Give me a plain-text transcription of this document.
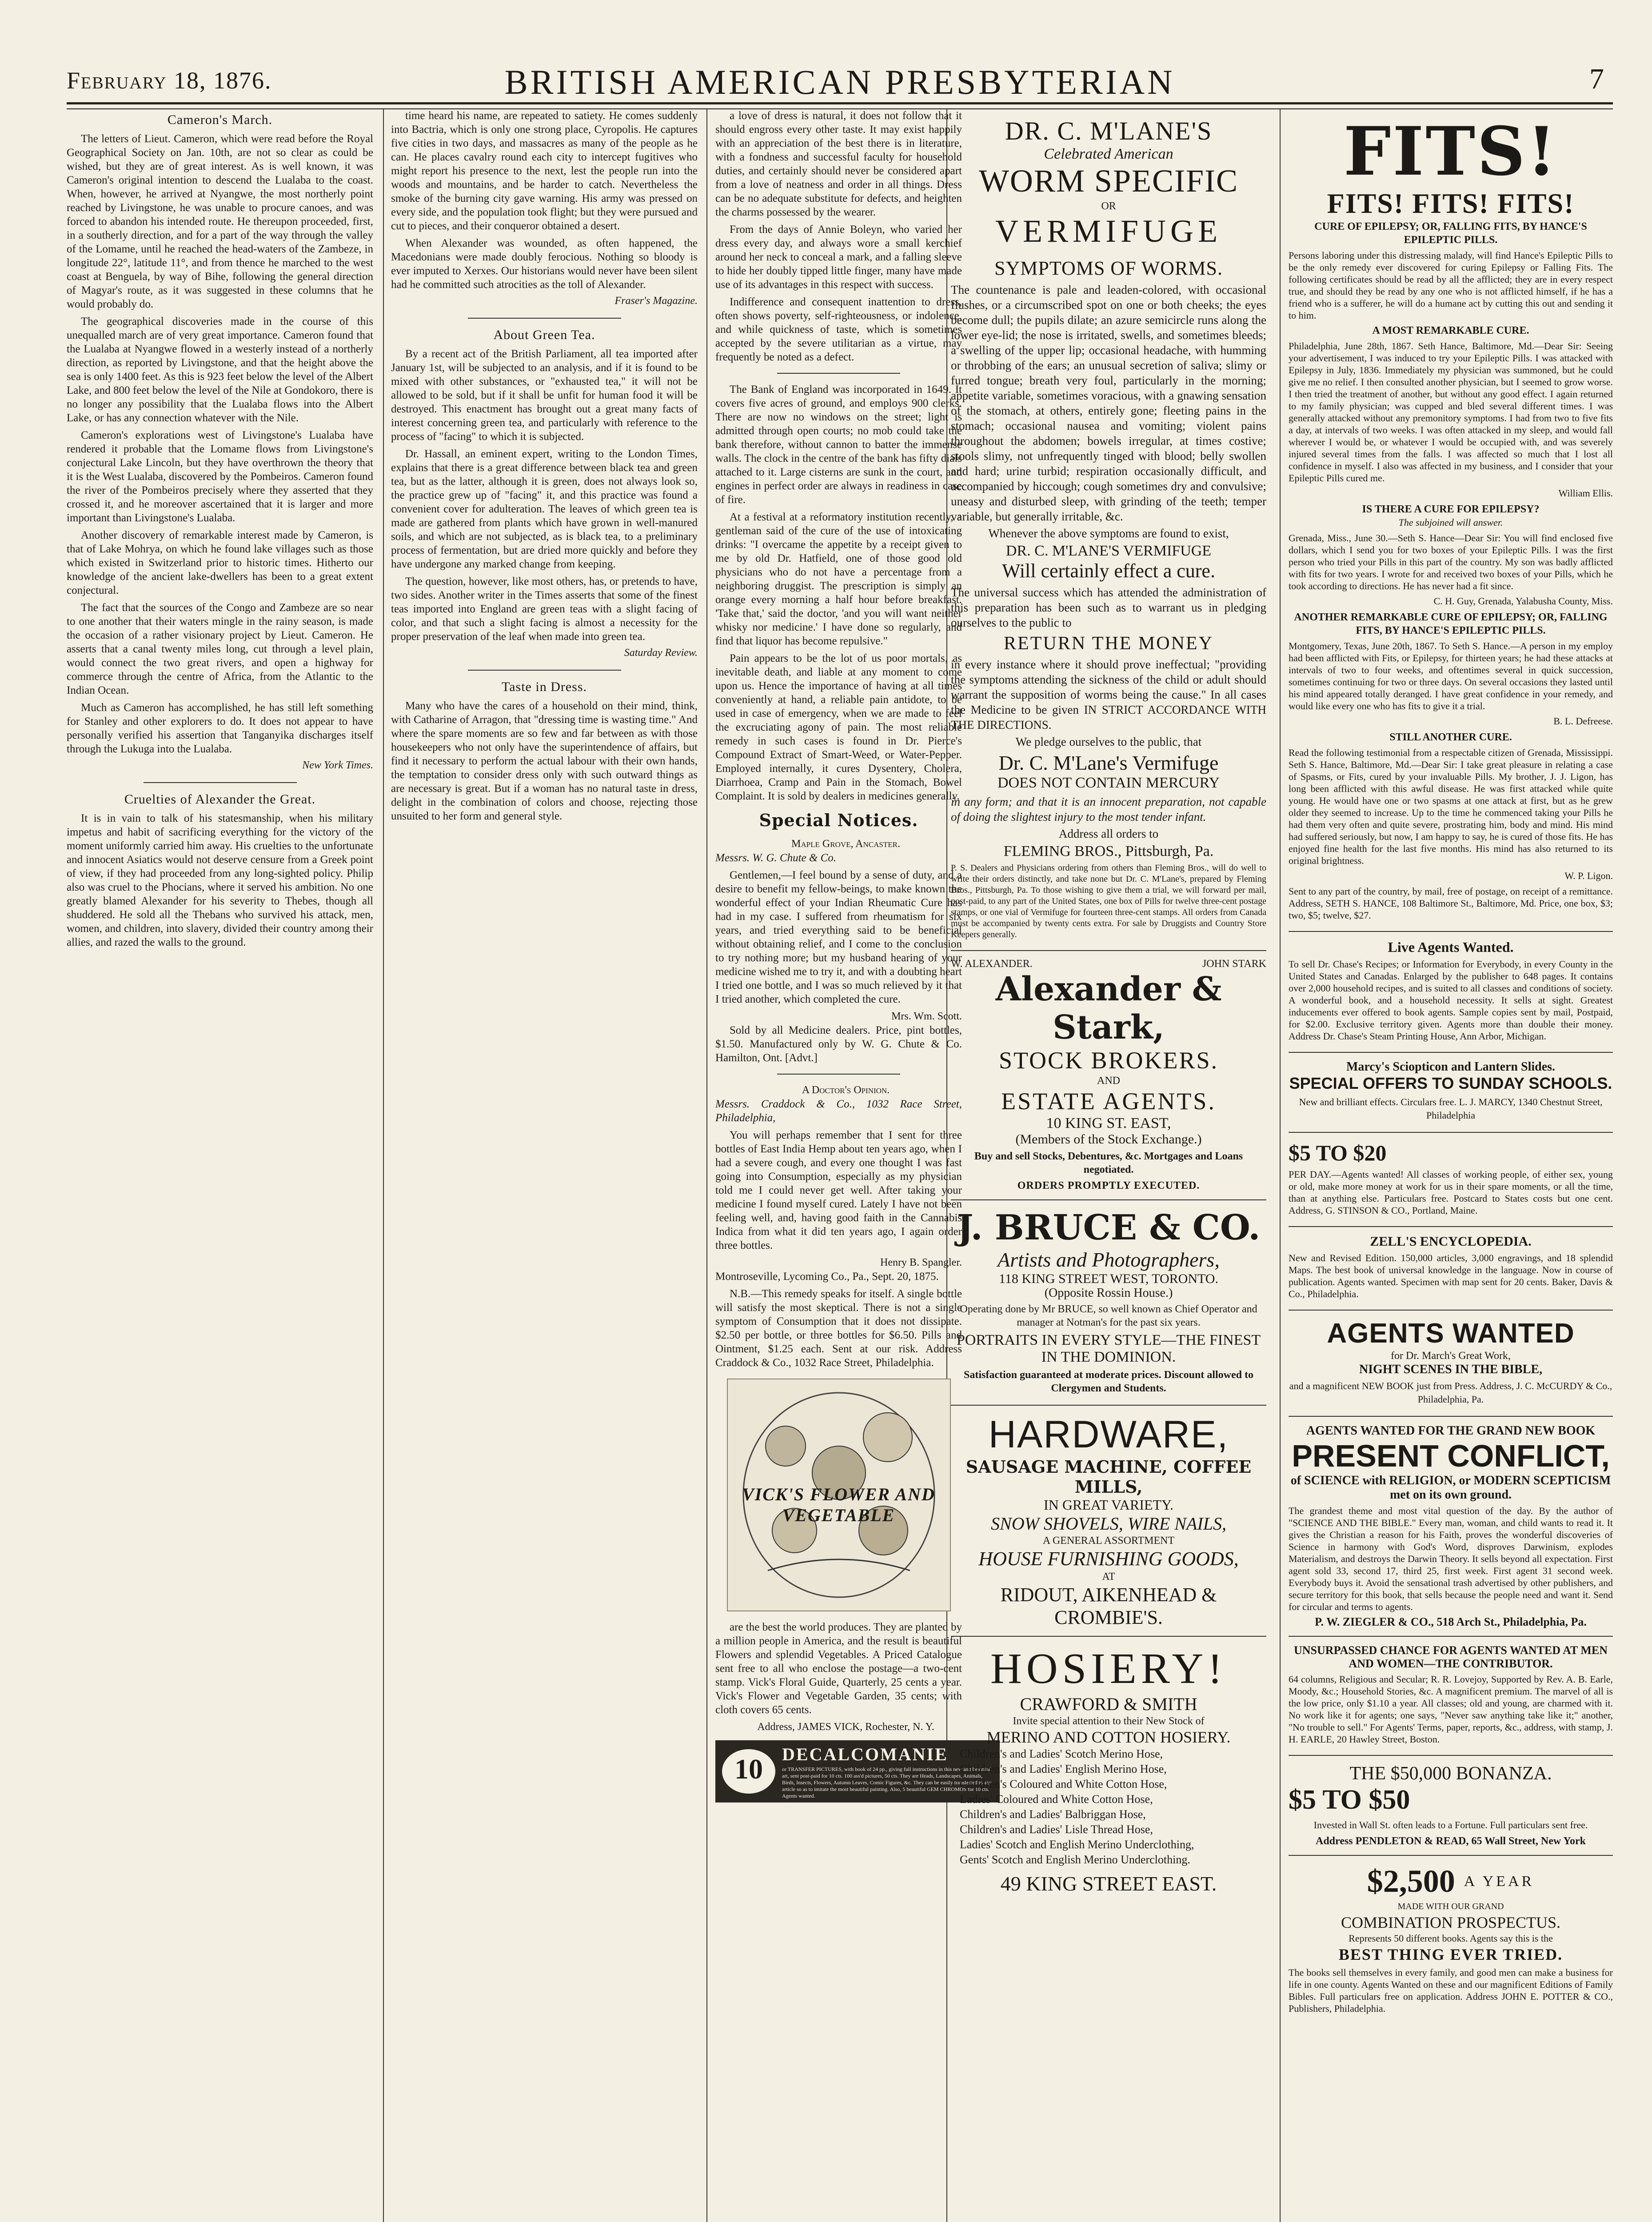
February 18, 1876.	BRITISH AMERICAN PRESBYTERIAN	7
Cameron's March.

The letters of Lieut. Cameron, which were read before the Royal Geographical Society on Jan. 10th, are not so clear as could be wished, but they are of great interest. As is well known, it was Cameron's original intention to descend the Lualaba to the coast. When, however, he arrived at Nyangwe, the most northerly point reached by Livingstone, he was unable to procure canoes, and was forced to abandon his intended route. He thereupon proceeded, first, in a southerly direction, and for a part of the way through the valley of the Lomame, until he reached the head-waters of the Zambeze, in longitude 22°, latitude 11°, and from thence he marched to the west coast at Benguela, by way of Bihe, following the general direction of Magyar's route, as it was suggested in these columns that he would probably do.

The geographical discoveries made in the course of this unequalled march are of very great importance. Cameron found that the Lualaba at Nyangwe flowed in a westerly instead of a northerly direction, as reported by Livingstone, and that the height above the sea is only 1400 feet. As this is 923 feet below the level of the Albert Lake, and 800 feet below the level of the Nile at Gondokoro, there is no longer any possibility that the Lualaba flows into the Albert Lake, or has any connection whatever with the Nile.

Cameron's explorations west of Livingstone's Lualaba have rendered it probable that the Lomame flows from Livingstone's conjectural Lake Lincoln, but they have overthrown the theory that it is the West Lualaba, discovered by the Pombeiros. Cameron found the river of the Pombeiros precisely where they asserted that they crossed it, and he moreover ascertained that it is larger and more important than Livingstone's Lualaba.

Another discovery of remarkable interest made by Cameron, is that of Lake Mohrya, on which he found lake villages such as those which existed in Switzerland prior to historic times. Hitherto our knowledge of the ancient lake-dwellers has been to a great extent conjectural.

The fact that the sources of the Congo and Zambeze are so near to one another that their waters mingle in the rainy season, is made the occasion of a rather visionary project by Lieut. Cameron. He asserts that a canal twenty miles long, cut through a level plain, would connect the two great rivers, and open a highway for commerce through the centre of Africa, from the Atlantic to the Indian Ocean.

Much as Cameron has accomplished, he has still left something for Stanley and other explorers to do. It does not appear to have personally verified his assertion that Tanganyika discharges itself through the Lukuga into the Lualaba.

New York Times.
Cruelties of Alexander the Great.

It is in vain to talk of his statesmanship, when his military impetus and habit of sacrificing everything for the victory of the moment uniformly carried him away. His cruelties to the unfortunate and innocent Asiatics would not deserve censure from a Greek point of view, if they had proceeded from any long-sighted policy. Philip also was cruel to the Phocians, where it served his ambition. No one greatly blamed Alexander for his severity to Thebes, though all shuddered. He sold all the Thebans who survived his attack, men, women, and children, into slavery, divided their country among their allies, and razed the walls to the ground.

time heard his name, are repeated to satiety. He comes suddenly into Bactria, which is only one strong place, Cyropolis. He captures five cities in two days, and massacres as many of the people as he can. He places cavalry round each city to intercept fugitives who might report his presence to the next, lest the people run into the woods and mountains, and be harder to catch. Nevertheless the smoke of the burning city gave warning. His army was pressed on every side, and the population took flight; but they were pursued and cut to pieces, and their conqueror obtained a desert.

When Alexander was wounded, as often happened, the Macedonians were made doubly ferocious. Nothing so bloody is ever imputed to Xerxes. Our historians would never have been silent had he committed such atrocities as the toll of Alexander.

Fraser's Magazine.
About Green Tea.

By a recent act of the British Parliament, all tea imported after January 1st, will be subjected to an analysis, and if it is found to be mixed with other substances, or "exhausted tea," it will not be allowed to be sold, but if it shall be unfit for human food it will be destroyed. This enactment has brought out a great many facts of interest concerning green tea, and particularly with reference to the process of "facing" to which it is subjected.

Dr. Hassall, an eminent expert, writing to the London Times, explains that there is a great difference between black tea and green tea, but as the latter, although it is green, does not always look so, the practice grew up of "facing" it, and this practice was found a convenient cover for adulteration. The leaves of which green tea is made are gathered from plants which have grown in well-manured soils, and which are not subjected, as is black tea, to a preliminary process of fermentation, but are dried more quickly and before they have undergone any marked change from keeping.

The question, however, like most others, has, or pretends to have, two sides. Another writer in the Times asserts that some of the finest teas imported into England are green teas with a slight facing of color, and that such a slight facing is almost a necessity for the proper preservation of the leaf when made into green tea.

Saturday Review.
Taste in Dress.

Many who have the cares of a household on their mind, think, with Catharine of Arragon, that "dressing time is wasting time." And where the spare moments are so few and far between as with those housekeepers who not only have the superintendence of affairs, but find it necessary to perform the actual labour with their own hands, the temptation to consider dress only with such outward things as are necessary is great. But if a woman has no natural taste in dress, delight in the combination of colors and choose, rejecting those unsuited to her form and general style.

a love of dress is natural, it does not follow that it should engross every other taste. It may exist happily with an appreciation of the best there is in literature, with a fondness and successful faculty for household duties, and certainly should never be considered apart from a love of neatness and order in all things. Dress can be no adequate substitute for defects, and heighten the charms possessed by the wearer.

From the days of Annie Boleyn, who varied her dress every day, and always wore a small kerchief around her neck to conceal a mark, and a falling sleeve to hide her doubly tipped little finger, many have made use of its advantages in this respect with success.

Indifference and consequent inattention to dress, often shows poverty, self-righteousness, or indolence, and while quickness of taste, which is sometimes accepted by the severe utilitarian as a virtue, may frequently be noted as a defect.

The Bank of England was incorporated in 1649. It covers five acres of ground, and employs 900 clerks. There are now no windows on the street; light is admitted through open courts; no mob could take the bank therefore, without cannon to batter the immense walls. The clock in the centre of the bank has fifty dials attached to it. Large cisterns are sunk in the court, and engines in perfect order are always in readiness in case of fire.

At a festival at a reformatory institution recently, a gentleman said of the cure of the use of intoxicating drinks: "I overcame the appetite by a receipt given to me by old Dr. Hatfield, one of those good old physicians who do not have a percentage from a neighboring druggist. The prescription is simply an orange every morning a half hour before breakfast. 'Take that,' said the doctor, 'and you will want neither whisky nor medicine.' I have done so regularly, and find that liquor has become repulsive."

Pain appears to be the lot of us poor mortals, as inevitable death, and liable at any moment to come upon us. Hence the importance of having at all times conveniently at hand, a reliable pain antidote, to be used in case of emergency, when we are made to feel the excruciating agony of pain. The most reliable remedy in such cases is found in Dr. Pierce's Compound Extract of Smart-Weed, or Water-Pepper. Employed internally, it cures Dysentery, Cholera, Diarrhoea, Cramp and Pain in the Stomach, Bowel Complaint. It is sold by dealers in medicines generally.

Special Notices.

Maple Grove, Ancaster.

Messrs. W. G. Chute & Co.

Gentlemen,—I feel bound by a sense of duty, and a desire to benefit my fellow-beings, to make known the wonderful effect of your Indian Rheumatic Cure has had in my case. I suffered from rheumatism for six years, and tried everything said to be beneficial without obtaining relief, and I come to the conclusion to try nothing more; but my husband hearing of your medicine wished me to try it, and with a doubting heart I tried one bottle, and I was so much relieved by it that I tried another, which completed the cure.

Mrs. Wm. Scott.

Sold by all Medicine dealers. Price, pint bottles, $1.50. Manufactured only by W. G. Chute & Co. Hamilton, Ont. [Advt.]

A Doctor's Opinion.

Messrs. Craddock & Co., 1032 Race Street, Philadelphia,

You will perhaps remember that I sent for three bottles of East India Hemp about ten years ago, when I had a severe cough, and every one thought I was fast going into Consumption, especially as my physician told me I could never get well. After taking your medicine I found myself cured. Lately I have not been feeling well, and, having good faith in the Cannabis Indica from what it did ten years ago, I again order three bottles.

Henry B. Spangler.

Montroseville, Lycoming Co., Pa., Sept. 20, 1875.

N.B.—This remedy speaks for itself. A single bottle will satisfy the most skeptical. There is not a single symptom of Consumption that it does not dissipate. $2.50 per bottle, or three bottles for $6.50. Pills and Ointment, $1.25 each. Sent at our risk. Address Craddock & Co., 1032 Race Street, Philadelphia.

VICK'S FLOWER AND VEGETABLE

are the best the world produces. They are planted by a million people in America, and the result is beautiful Flowers and splendid Vegetables. A Priced Catalogue sent free to all who enclose the postage—a two-cent stamp. Vick's Floral Guide, Quarterly, 25 cents a year. Vick's Flower and Vegetable Garden, 35 cents; with cloth covers 65 cents.

Address, JAMES VICK, Rochester, N. Y.

10	DECALCOMANIE
or TRANSFER PICTURES, with book of 24 pp., giving full instructions in this new and beautiful art, sent post-paid for 10 cts. 100 ass'd pictures, 50 cts. They are Heads, Landscapes, Animals, Birds, Insects, Flowers, Autumn Leaves, Comic Figures, &c. They can be easily transferred to any article so as to imitate the most beautiful painting. Also, 5 beautiful GEM CHROMOS for 10 cts. Agents wanted.
DR. C. M'LANE'S
Celebrated American
WORM SPECIFIC
OR
VERMIFUGE
SYMPTOMS OF WORMS.

The countenance is pale and leaden-colored, with occasional flushes, or a circumscribed spot on one or both cheeks; the eyes become dull; the pupils dilate; an azure semicircle runs along the lower eye-lid; the nose is irritated, swells, and sometimes bleeds; a swelling of the upper lip; occasional headache, with humming or throbbing of the ears; an unusual secretion of saliva; slimy or furred tongue; breath very foul, particularly in the morning; appetite variable, sometimes voracious, with a gnawing sensation of the stomach, at others, entirely gone; fleeting pains in the stomach; occasional nausea and vomiting; violent pains throughout the abdomen; bowels irregular, at times costive; stools slimy, not unfrequently tinged with blood; belly swollen and hard; urine turbid; respiration occasionally difficult, and accompanied by hiccough; cough sometimes dry and convulsive; uneasy and disturbed sleep, with grinding of the teeth; temper variable, but generally irritable, &c.

Whenever the above symptoms are found to exist,

DR. C. M'LANE'S VERMIFUGE
Will certainly effect a cure.

The universal success which has attended the administration of this preparation has been such as to warrant us in pledging ourselves to the public to

RETURN THE MONEY

in every instance where it should prove ineffectual; "providing the symptoms attending the sickness of the child or adult should warrant the supposition of worms being the cause." In all cases the Medicine to be given IN STRICT ACCORDANCE WITH THE DIRECTIONS.

We pledge ourselves to the public, that

Dr. C. M'Lane's Vermifuge
DOES NOT CONTAIN MERCURY

in any form; and that it is an innocent preparation, not capable of doing the slightest injury to the most tender infant.

Address all orders to

FLEMING BROS., Pittsburgh, Pa.

P. S. Dealers and Physicians ordering from others than Fleming Bros., will do well to write their orders distinctly, and take none but Dr. C. M'Lane's, prepared by Fleming Bros., Pittsburgh, Pa. To those wishing to give them a trial, we will forward per mail, post-paid, to any part of the United States, one box of Pills for twelve three-cent postage stamps, or one vial of Vermifuge for fourteen three-cent stamps. All orders from Canada must be accompanied by twenty cents extra. For sale by Druggists and Country Store Keepers generally.

W. ALEXANDER.	JOHN STARK
Alexander & Stark,
STOCK BROKERS.
AND
ESTATE AGENTS.
10 KING ST. EAST,
(Members of the Stock Exchange.)

Buy and sell Stocks, Debentures, &c. Mortgages and Loans negotiated.

ORDERS PROMPTLY EXECUTED.
J. BRUCE & CO.
Artists and Photographers,
118 KING STREET WEST, TORONTO.
(Opposite Rossin House.)

Operating done by Mr BRUCE, so well known as Chief Operator and manager at Notman's for the past six years.

PORTRAITS IN EVERY STYLE—THE FINEST IN THE DOMINION.

Satisfaction guaranteed at moderate prices. Discount allowed to Clergymen and Students.

HARDWARE,
SAUSAGE MACHINE, COFFEE MILLS,
IN GREAT VARIETY.
SNOW SHOVELS, WIRE NAILS,
A GENERAL ASSORTMENT
HOUSE FURNISHING GOODS,
AT
RIDOUT, AIKENHEAD & CROMBIE'S.
HOSIERY!
CRAWFORD & SMITH
Invite special attention to their New Stock of
MERINO AND COTTON HOSIERY.
Children's and Ladies' Scotch Merino Hose,
Children's and Ladies' English Merino Hose,
Children's Coloured and White Cotton Hose,
Ladies' Coloured and White Cotton Hose,
Children's and Ladies' Balbriggan Hose,
Children's and Ladies' Lisle Thread Hose,
Ladies' Scotch and English Merino Underclothing,
Gents' Scotch and English Merino Underclothing.
49 KING STREET EAST.
FITS!
FITS! FITS! FITS!
CURE OF EPILEPSY; OR, FALLING FITS, BY HANCE'S EPILEPTIC PILLS.

Persons laboring under this distressing malady, will find Hance's Epileptic Pills to be the only remedy ever discovered for curing Epilepsy or Falling Fits. The following certificates should be read by all the afflicted; they are in every respect true, and should they be read by any one who is not afflicted himself, if he has a friend who is a sufferer, he will do a humane act by cutting this out and sending it to him.

A MOST REMARKABLE CURE.

Philadelphia, June 28th, 1867. Seth Hance, Baltimore, Md.—Dear Sir: Seeing your advertisement, I was induced to try your Epileptic Pills. I was attacked with Epilepsy in July, 1836. Immediately my physician was summoned, but he could give me no relief. I then consulted another physician, but I seemed to grow worse. I then tried the treatment of another, but without any good effect. I again returned to my family physician; was cupped and bled several different times. I was generally attacked without any premonitory symptoms. I had from two to five fits a day, at intervals of two weeks. I was often attacked in my sleep, and would fall wherever I would be, or whatever I would be occupied with, and was severely injured several times from the falls. I was affected so much that I lost all confidence in myself. I also was affected in my business, and I consider that your Epileptic Pills cured me.

William Ellis.

IS THERE A CURE FOR EPILEPSY?
The subjoined will answer.

Grenada, Miss., June 30.—Seth S. Hance—Dear Sir: You will find enclosed five dollars, which I send you for two boxes of your Epileptic Pills. I was the first person who tried your Pills in this part of the country. My son was badly afflicted with fits for two years. I wrote for and received two boxes of your Pills, which he took according to directions. He has never had a fit since.

C. H. Guy, Grenada, Yalabusha County, Miss.

ANOTHER REMARKABLE CURE OF EPILEPSY; OR, FALLING FITS, BY HANCE'S EPILEPTIC PILLS.

Montgomery, Texas, June 20th, 1867. To Seth S. Hance.—A person in my employ had been afflicted with Fits, or Epilepsy, for thirteen years; he had these attacks at intervals of two to four weeks, and oftentimes several in quick succession, sometimes continuing for two or three days. On several occasions they lasted until his mind appeared totally deranged. I have great confidence in your remedy, and would like every one who has fits to give it a trial.

B. L. Defreese.

STILL ANOTHER CURE.

Read the following testimonial from a respectable citizen of Grenada, Mississippi. Seth S. Hance, Baltimore, Md.—Dear Sir: I take great pleasure in relating a case of Spasms, or Fits, cured by your invaluable Pills. My brother, J. J. Ligon, has long been afflicted with this awful disease. He was first attacked while quite young. He would have one or two spasms at one attack at first, but as he grew older they seemed to increase. Up to the time he commenced taking your Pills he had them very often and quite severe, prostrating him, body and mind. His mind had suffered seriously, but now, I am happy to say, he is cured of those fits. He has enjoyed fine health for the last five months. His mind has also returned to its original brightness.

W. P. Ligon.

Sent to any part of the country, by mail, free of postage, on receipt of a remittance. Address, SETH S. HANCE, 108 Baltimore St., Baltimore, Md. Price, one box, $3; two, $5; twelve, $27.

Live Agents Wanted.

To sell Dr. Chase's Recipes; or Information for Everybody, in every County in the United States and Canadas. Enlarged by the publisher to 648 pages. It contains over 2,000 household recipes, and is suited to all classes and conditions of society. A wonderful book, and a household necessity. It sells at sight. Greatest inducements ever offered to book agents. Sample copies sent by mail, Postpaid, for $2.00. Exclusive territory given. Agents more than double their money. Address Dr. Chase's Steam Printing House, Ann Arbor, Michigan.

Marcy's Sciopticon and Lantern Slides.
SPECIAL OFFERS TO SUNDAY SCHOOLS.

New and brilliant effects. Circulars free. L. J. MARCY, 1340 Chestnut Street, Philadelphia

$5 TO $20

PER DAY.—Agents wanted! All classes of working people, of either sex, young or old, make more money at work for us in their spare moments, or all the time, than at anything else. Particulars free. Postcard to States costs but one cent. Address, G. STINSON & CO., Portland, Maine.

ZELL'S ENCYCLOPEDIA.

New and Revised Edition. 150,000 articles, 3,000 engravings, and 18 splendid Maps. The best book of universal knowledge in the language. Now in course of publication. Agents wanted. Specimen with map sent for 20 cents. Baker, Davis & Co., Philadelphia.

AGENTS WANTED
for Dr. March's Great Work,
NIGHT SCENES IN THE BIBLE,

and a magnificent NEW BOOK just from Press. Address, J. C. McCURDY & Co., Philadelphia, Pa.

AGENTS WANTED FOR THE GRAND NEW BOOK
PRESENT CONFLICT,
of SCIENCE with RELIGION, or MODERN SCEPTICISM met on its own ground.

The grandest theme and most vital question of the day. By the author of "SCIENCE AND THE BIBLE." Every man, woman, and child wants to read it. It gives the Christian a reason for his Faith, proves the wonderful discoveries of Science in harmony with God's Word, disproves Darwinism, explodes Materialism, and destroys the Darwin Theory. It sells beyond all expectation. First agent sold 33, second 17, third 25, first week. First agent 31 second week. Everybody buys it. Avoid the sensational trash advertised by other publishers, and secure territory for this book, that sells because the people need and want it. Send for circular and terms to agents.

P. W. ZIEGLER & CO., 518 Arch St., Philadelphia, Pa.
UNSURPASSED CHANCE FOR AGENTS WANTED AT MEN AND WOMEN—THE CONTRIBUTOR.

64 columns, Religious and Secular; R. R. Lovejoy, Supported by Rev. A. B. Earle, Moody, &c.; Household Stories, &c. A magnificent premium. The marvel of all is the low price, only $1.10 a year. All classes; old and young, are charmed with it. No work like it for agents; one says, "Never saw anything take like it;" another, "No trouble to sell." For Agents' Terms, paper, reports, &c., address, with stamp, J. H. EARLE, 20 Hawley Street, Boston.

THE $50,000 BONANZA.
$5 TO $50

Invested in Wall St. often leads to a Fortune. Full particulars sent free.

Address PENDLETON & READ, 65 Wall Street, New York
$2,500 A YEAR
MADE WITH OUR GRAND
COMBINATION PROSPECTUS.
Represents 50 different books. Agents say this is the
BEST THING EVER TRIED.

The books sell themselves in every family, and good men can make a business for life in one county. Agents Wanted on these and our magnificent Editions of Family Bibles. Full particulars free on application. Address JOHN E. POTTER & CO., Publishers, Philadelphia.
